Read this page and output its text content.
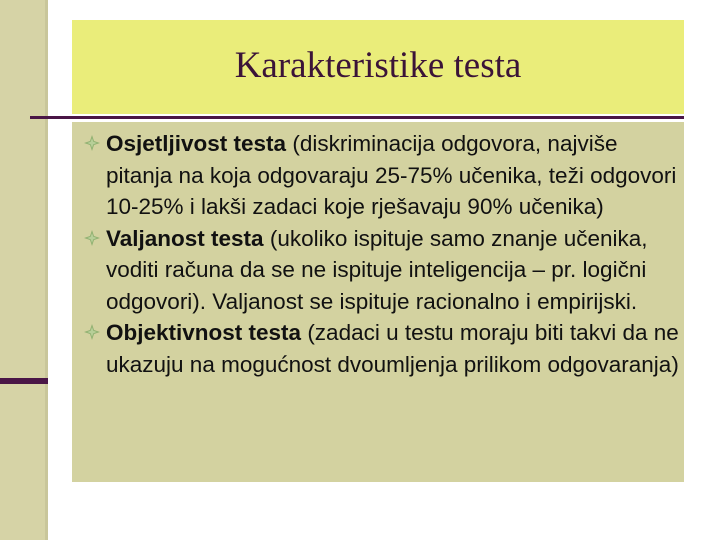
Karakteristike testa
Osjetljivost testa (diskriminacija odgovora, najviše pitanja na koja odgovaraju 25-75% učenika, teži odgovori 10-25% i lakši zadaci koje rješavaju 90% učenika)
Valjanost testa (ukoliko ispituje samo znanje učenika, voditi računa da se ne ispituje inteligencija – pr. logični odgovori). Valjanost se ispituje racionalno i empirijski.
Objektivnost testa (zadaci u testu moraju biti takvi da ne ukazuju na mogućnost dvoumljenja prilikom odgovaranja)
